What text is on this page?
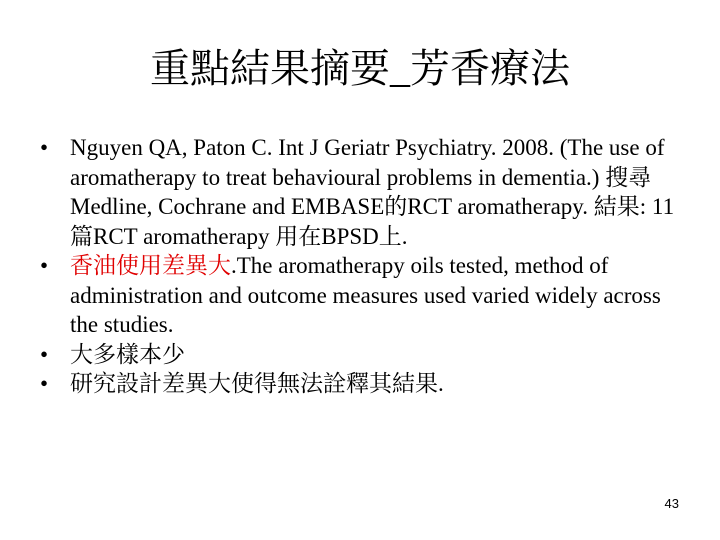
重點結果摘要_芳香療法
• Nguyen QA, Paton C. Int J Geriatr Psychiatry. 2008. (The use of aromatherapy to treat behavioural problems in dementia.) 搜尋 Medline, Cochrane and EMBASE的RCT aromatherapy. 結果: 11篇RCT aromatherapy 用在BPSD上.
• 香油使用差異大.The aromatherapy oils tested, method of administration and outcome measures used varied widely across the studies.
• 大多樣本少
• 研究設計差異大使得無法詮釋其結果.
43
